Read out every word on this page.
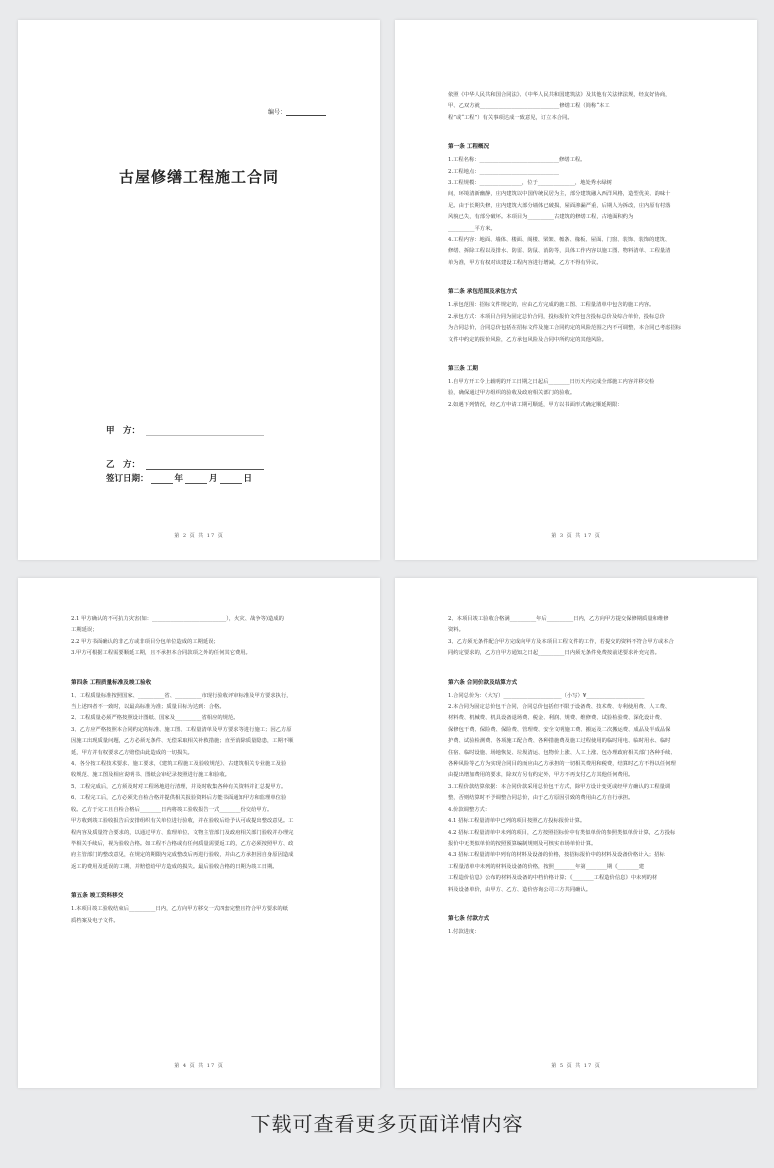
编号：
古屋修缮工程施工合同
甲　方：
乙　方：
签订日期：	年	月	日
第 2 页 共 17 页

依照《中华人民共和国合同法》、《中华人民共和国建筑法》及其他有关法律法规，经友好协商，

甲、乙双方就______________________________修缮工程（简称“本工

程”或“工程”）有关事项达成一致意见，订立本合同。

第一条 工程概况

1.工程名称：______________________________修缮工程。

2.工程地点：______________________________

3.工程规模：________________，位于______________，地处秀水绿树

间，环境清新幽静，庄内建筑以中国传统民居为主，部分建筑融入西洋风格，造型优美、韵味十

足。由于长期失修，庄内建筑大部分墙体已破损，屋面渗漏严重，后期人为拆改，庄内原有村落

风貌已失，有部分破坏。本项目为__________古建筑的修缮工程，古地面积约为

__________平方米。

4.工程内容：地面、墙体、楼面、阁楼、梁架、檩条、椽板、屋面、门窗、装饰、装饰的建筑、

修缮、拆除工程以及排水、防雷、防鼠、消防等，具体工作内容以施工图、物料清单、工程量清

单为准，甲方有权对该建设工程内容进行增减，乙方不得有异议。

第二条 承包范围及承包方式

1.承包范围：招标文件规定的，应由乙方完成的施工图、工程量清单中包含的施工内容。

2.承包方式：本项目合同为固定总价合同，投标报价文件包含投标总价及综合单价，投标总价

为合同总价，合同总价包括在招标文件及施工合同约定的风险范围之内不可调整，本合同已考虑招标

文件中约定的报价风险，乙方承包风险及合同中所约定的其他风险。

第三条 工期

1.自甲方开工令上载明的开工日期之日起后________日历天内完成全部施工内容并移交检

验，确保通过甲方组织的验收及政府相关部门的验收。

2.如遇下列情况，经乙方申请工期可顺延，甲方以书面形式确定顺延期限：

第 3 页 共 17 页

2.1 甲方确认的不可抗力灾害(如：____________________________），火灾、战争等)造成的

工期延误；

2.2 甲方书面确认的非乙方或非项目分包单位造成的工期延误；

3.甲方可根据工程需要顺延工期，且不承担本合同款项之外的任何其它费用。

第四条 工程质量标准及竣工验收

1、工程质量标准按照国家、__________省、__________市现行验收评审标准及甲方要求执行，

当上述四者不一致时，以最高标准为准；质量目标为达到：合格。

2、工程质量必须严格按照设计图纸、国家及__________省相应的规范。

3、乙方应严格按照本合同约定的标准、施工图、工程量清单及甲方要求等进行施工；因乙方原

因施工出现质量问题，乙方必须无条件、无偿采取相关补救措施；直至消除质量隐患，工期不顺

延，甲方并有权要求乙方赔偿由此造成的一切损失。

4、各分按工程技术要求、施工要求，《建筑工程施工及验收规范》、古建筑相关专业施工及验

收规范、施工图及相应说明书、图纸会审纪录按照进行施工和验收。

5、工程完成后，乙方须及时对工程场地进行清理，并及时收集各种有关资料并汇总提甲方。

6、工程完工后，乙方必须先自检合格并提供相关报验资料后方能书面通知甲方和监理单位验

收。乙方于完工且自检合格后________日内将竣工验收报告一式________份交给甲方。

甲方收到竣工验收报告后安排组织有关单位进行验收，并在验收后给予认可或提出整改意见。工

程内容及质量符合要求的，以通过甲方、监理单位、文物主管部门及政府相关部门验收并办理完

毕相关手续后，视为验收合格。如工程不合格或有任何质量需要返工的，乙方必须按照甲方、政

府主管部门的整改意见，在规定的期限内完成整改后再进行验收，并由乙方承担因自身原因造成

返工的费用及延误的工期，并赔偿给甲方造成的损失。最后验收合格的日期为竣工日期。

第五条 竣工资料移交

1.本项目竣工验收结束后__________日内，乙方向甲方移交一式四套完整且符合甲方要求的纸

质档案及电子文件。

第 4 页 共 17 页

2、本项目竣工验收合格满__________年后__________日内，乙方向甲方提交保修期质量和维修

资料。

3、乙方须无条件配合甲方完成向甲方及本项目工程文件的工作，若提交的资料不符合甲方或本合

同约定要求的，乙方自甲方通知之日起__________日内须无条件免费按前述要求补充完善。

第六条 合同价款及结算方式

1.合同总价为：（大写）______________________（小写）¥______________________

2.本合同为固定总价包干合同，合同总价包括但不限于设备费、技术费、专利使用费、人工费、

材料费、机械费、机具设备退场费、税金、利润、规费、维修费、试验检验费、深化设计费、

保修包干费、保险费、保险费、管理费、安全文明施工费、搬运及二次搬运费、成品及半成品保

护费、试验检测费、各项施工配合费、各种措施费及施工过程使用的临时用电、临时用水、临时

住宿、临时设施、场地恢复、垃圾清运、包物价上涨、人工上涨、包办理政府相关部门各种手续、

各种风险等乙方为实现合同目的而应由乙方承担的一切相关费用和税费，结算时乙方不得以任何理

由提出增加费用的要求，除双方另有约定外，甲方不再支付乙方其他任何费用。

3.工程价款结算依据：本合同价款采用总价包干方式，除甲方设计变更或经甲方确认的工程量调

整，否则结算时不予调整合同总价，由于乙方原因引致的费用由乙方自行承担。

4.价款调整方式：

4.1 招标工程量清单中已列的项目按照乙方投标报价计算。

4.2 招标工程量清单中未列的项目，乙方按照招标价中有类似单价的参照类似单价计算，乙方投标

报价中无类似单价的按照预算编制规则及可核实市场单价计算。

4.3 招标工程量清单中列有的材料及设备的价格，按招标报价中的材料及设备价格计入；招标

工程量清单中未列的材料及设备的价格，按照________年第________期《________建

工程造价信息》公布的材料及设备的中档价格计算；《________工程造价信息》中未列的材

料及设备单价，由甲方、乙方、造价咨询公司三方共同确认。

第七条 付款方式

1.付款进度：

第 5 页 共 17 页
下载可查看更多页面详情内容
